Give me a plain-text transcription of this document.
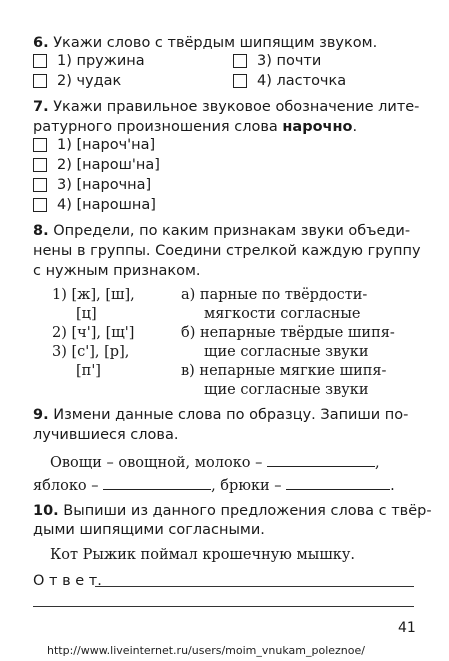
6. Укажи слово с твёрдым шипящим звуком.
1) пружина	3) почти
2) чудак	4) ласточка
7. Укажи правильное звуковое обозначение лите-
ратурного произношения слова нарочно.
1) [нароч'на]
2) [нарош'на]
3) [нарочна]
4) [нарошна]
8. Определи, по каким признакам звуки объеди-
нены в группы. Соедини стрелкой каждую группу
с нужным признаком.
1) [ж], [ш],
[ц]
2) [ч'], [щ']
3) [с'], [р],
[п']
а) парные по твёрдости-
мягкости согласные
б) непарные твёрдые шипя-
щие согласные звуки
в) непарные мягкие шипя-
щие согласные звуки
9. Измени данные слова по образцу. Запиши по-
лучившиеся слова.
Овощи – овощной, молоко –	,
яблоко –	, брюки –	.
10. Выпиши из данного предложения слова с твёр-
дыми шипящими согласными.
Кот Рыжик поймал крошечную мышку.
О т в е т.
41
http://www.liveinternet.ru/users/moim_vnukam_poleznoe/
